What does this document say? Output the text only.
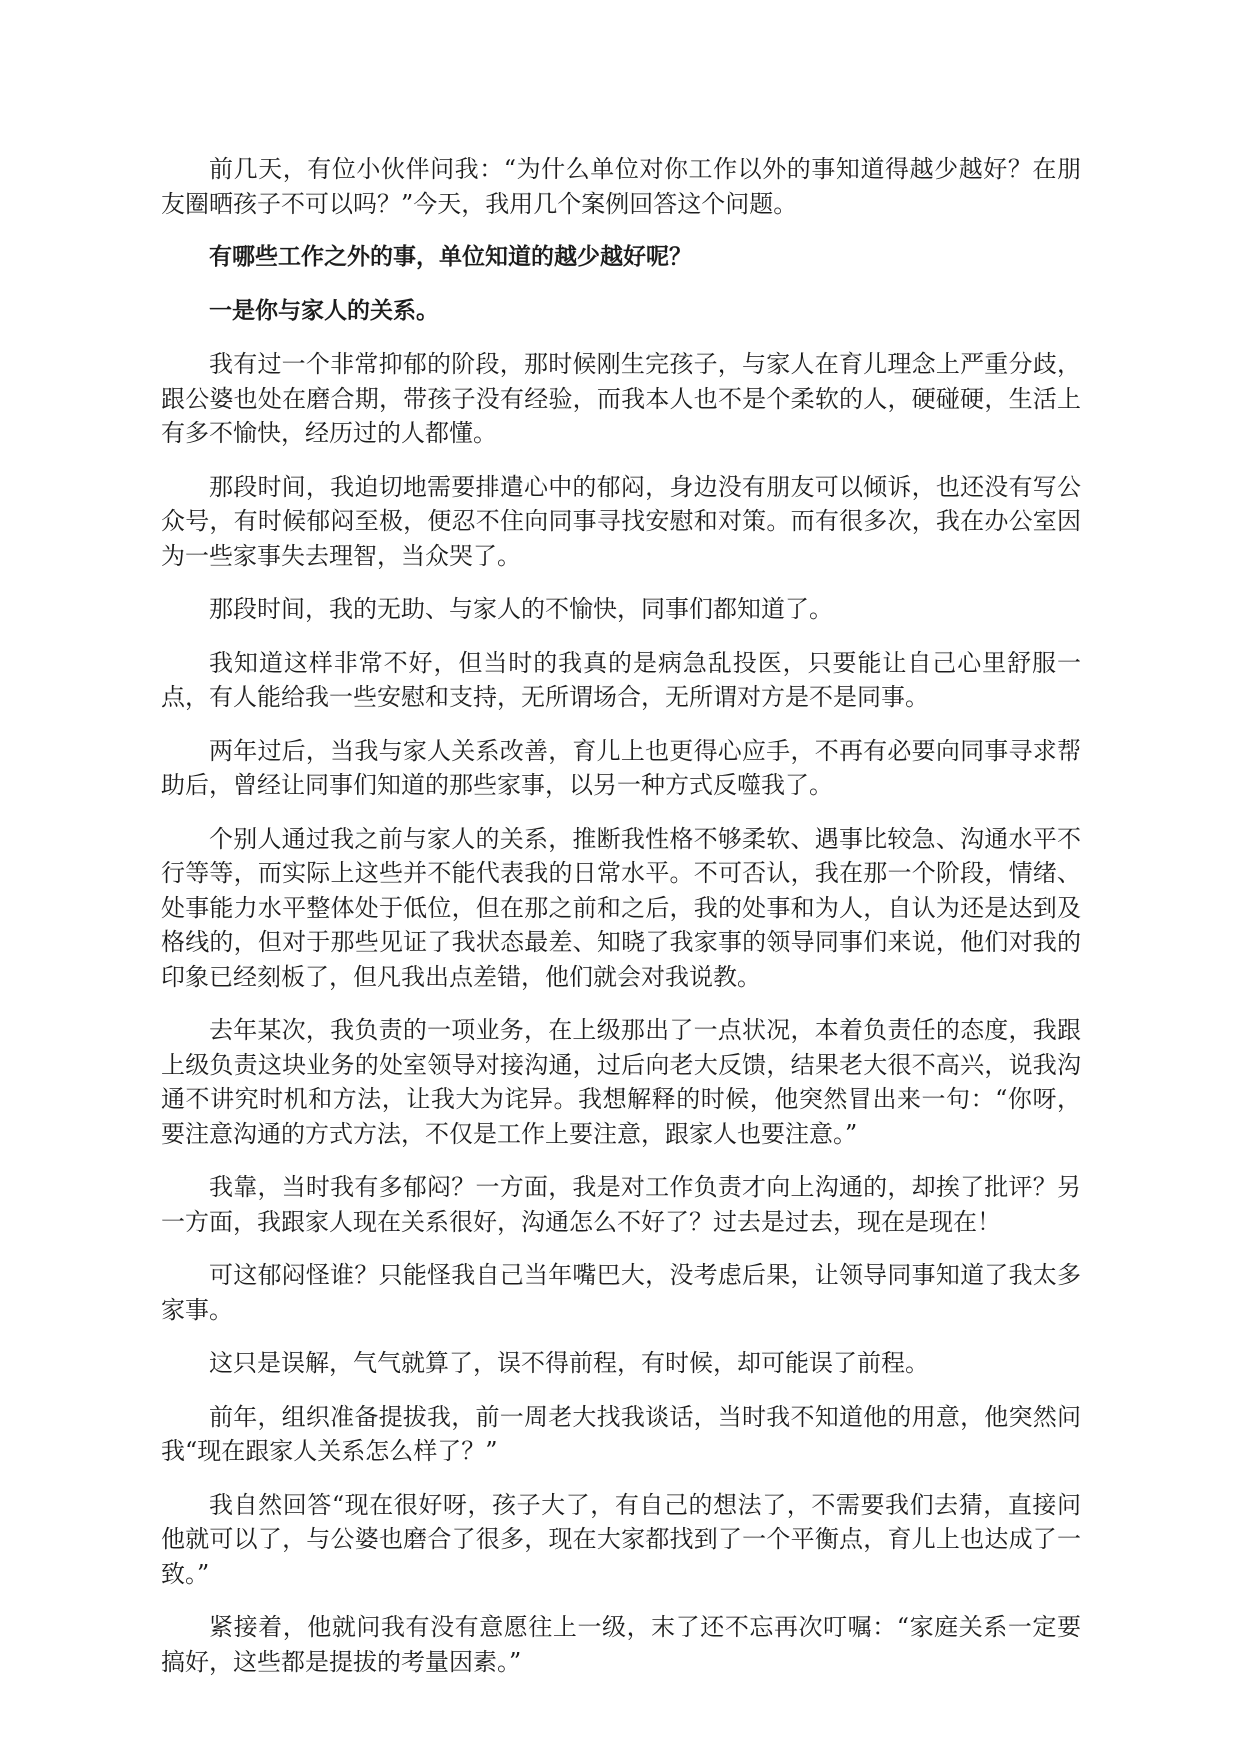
前几天，有位小伙伴问我：“为什么单位对你工作以外的事知道得越少越好？在朋友圈晒孩子不可以吗？”今天，我用几个案例回答这个问题。

有哪些工作之外的事，单位知道的越少越好呢？

一是你与家人的关系。

我有过一个非常抑郁的阶段，那时候刚生完孩子，与家人在育儿理念上严重分歧，跟公婆也处在磨合期，带孩子没有经验，而我本人也不是个柔软的人，硬碰硬，生活上有多不愉快，经历过的人都懂。

那段时间，我迫切地需要排遣心中的郁闷，身边没有朋友可以倾诉，也还没有写公众号，有时候郁闷至极，便忍不住向同事寻找安慰和对策。而有很多次，我在办公室因为一些家事失去理智，当众哭了。

那段时间，我的无助、与家人的不愉快，同事们都知道了。

我知道这样非常不好，但当时的我真的是病急乱投医，只要能让自己心里舒服一点，有人能给我一些安慰和支持，无所谓场合，无所谓对方是不是同事。

两年过后，当我与家人关系改善，育儿上也更得心应手，不再有必要向同事寻求帮助后，曾经让同事们知道的那些家事，以另一种方式反噬我了。

个别人通过我之前与家人的关系，推断我性格不够柔软、遇事比较急、沟通水平不行等等，而实际上这些并不能代表我的日常水平。不可否认，我在那一个阶段，情绪、处事能力水平整体处于低位，但在那之前和之后，我的处事和为人，自认为还是达到及格线的，但对于那些见证了我状态最差、知晓了我家事的领导同事们来说，他们对我的印象已经刻板了，但凡我出点差错，他们就会对我说教。

去年某次，我负责的一项业务，在上级那出了一点状况，本着负责任的态度，我跟上级负责这块业务的处室领导对接沟通，过后向老大反馈，结果老大很不高兴，说我沟通不讲究时机和方法，让我大为诧异。我想解释的时候，他突然冒出来一句：“你呀，要注意沟通的方式方法，不仅是工作上要注意，跟家人也要注意。”

我靠，当时我有多郁闷？一方面，我是对工作负责才向上沟通的，却挨了批评？另一方面，我跟家人现在关系很好，沟通怎么不好了？过去是过去，现在是现在！

可这郁闷怪谁？只能怪我自己当年嘴巴大，没考虑后果，让领导同事知道了我太多家事。

这只是误解，气气就算了，误不得前程，有时候，却可能误了前程。

前年，组织准备提拔我，前一周老大找我谈话，当时我不知道他的用意，他突然问我“现在跟家人关系怎么样了？”

我自然回答“现在很好呀，孩子大了，有自己的想法了，不需要我们去猜，直接问他就可以了，与公婆也磨合了很多，现在大家都找到了一个平衡点，育儿上也达成了一致。”

紧接着，他就问我有没有意愿往上一级，末了还不忘再次叮嘱：“家庭关系一定要搞好，这些都是提拔的考量因素。”
